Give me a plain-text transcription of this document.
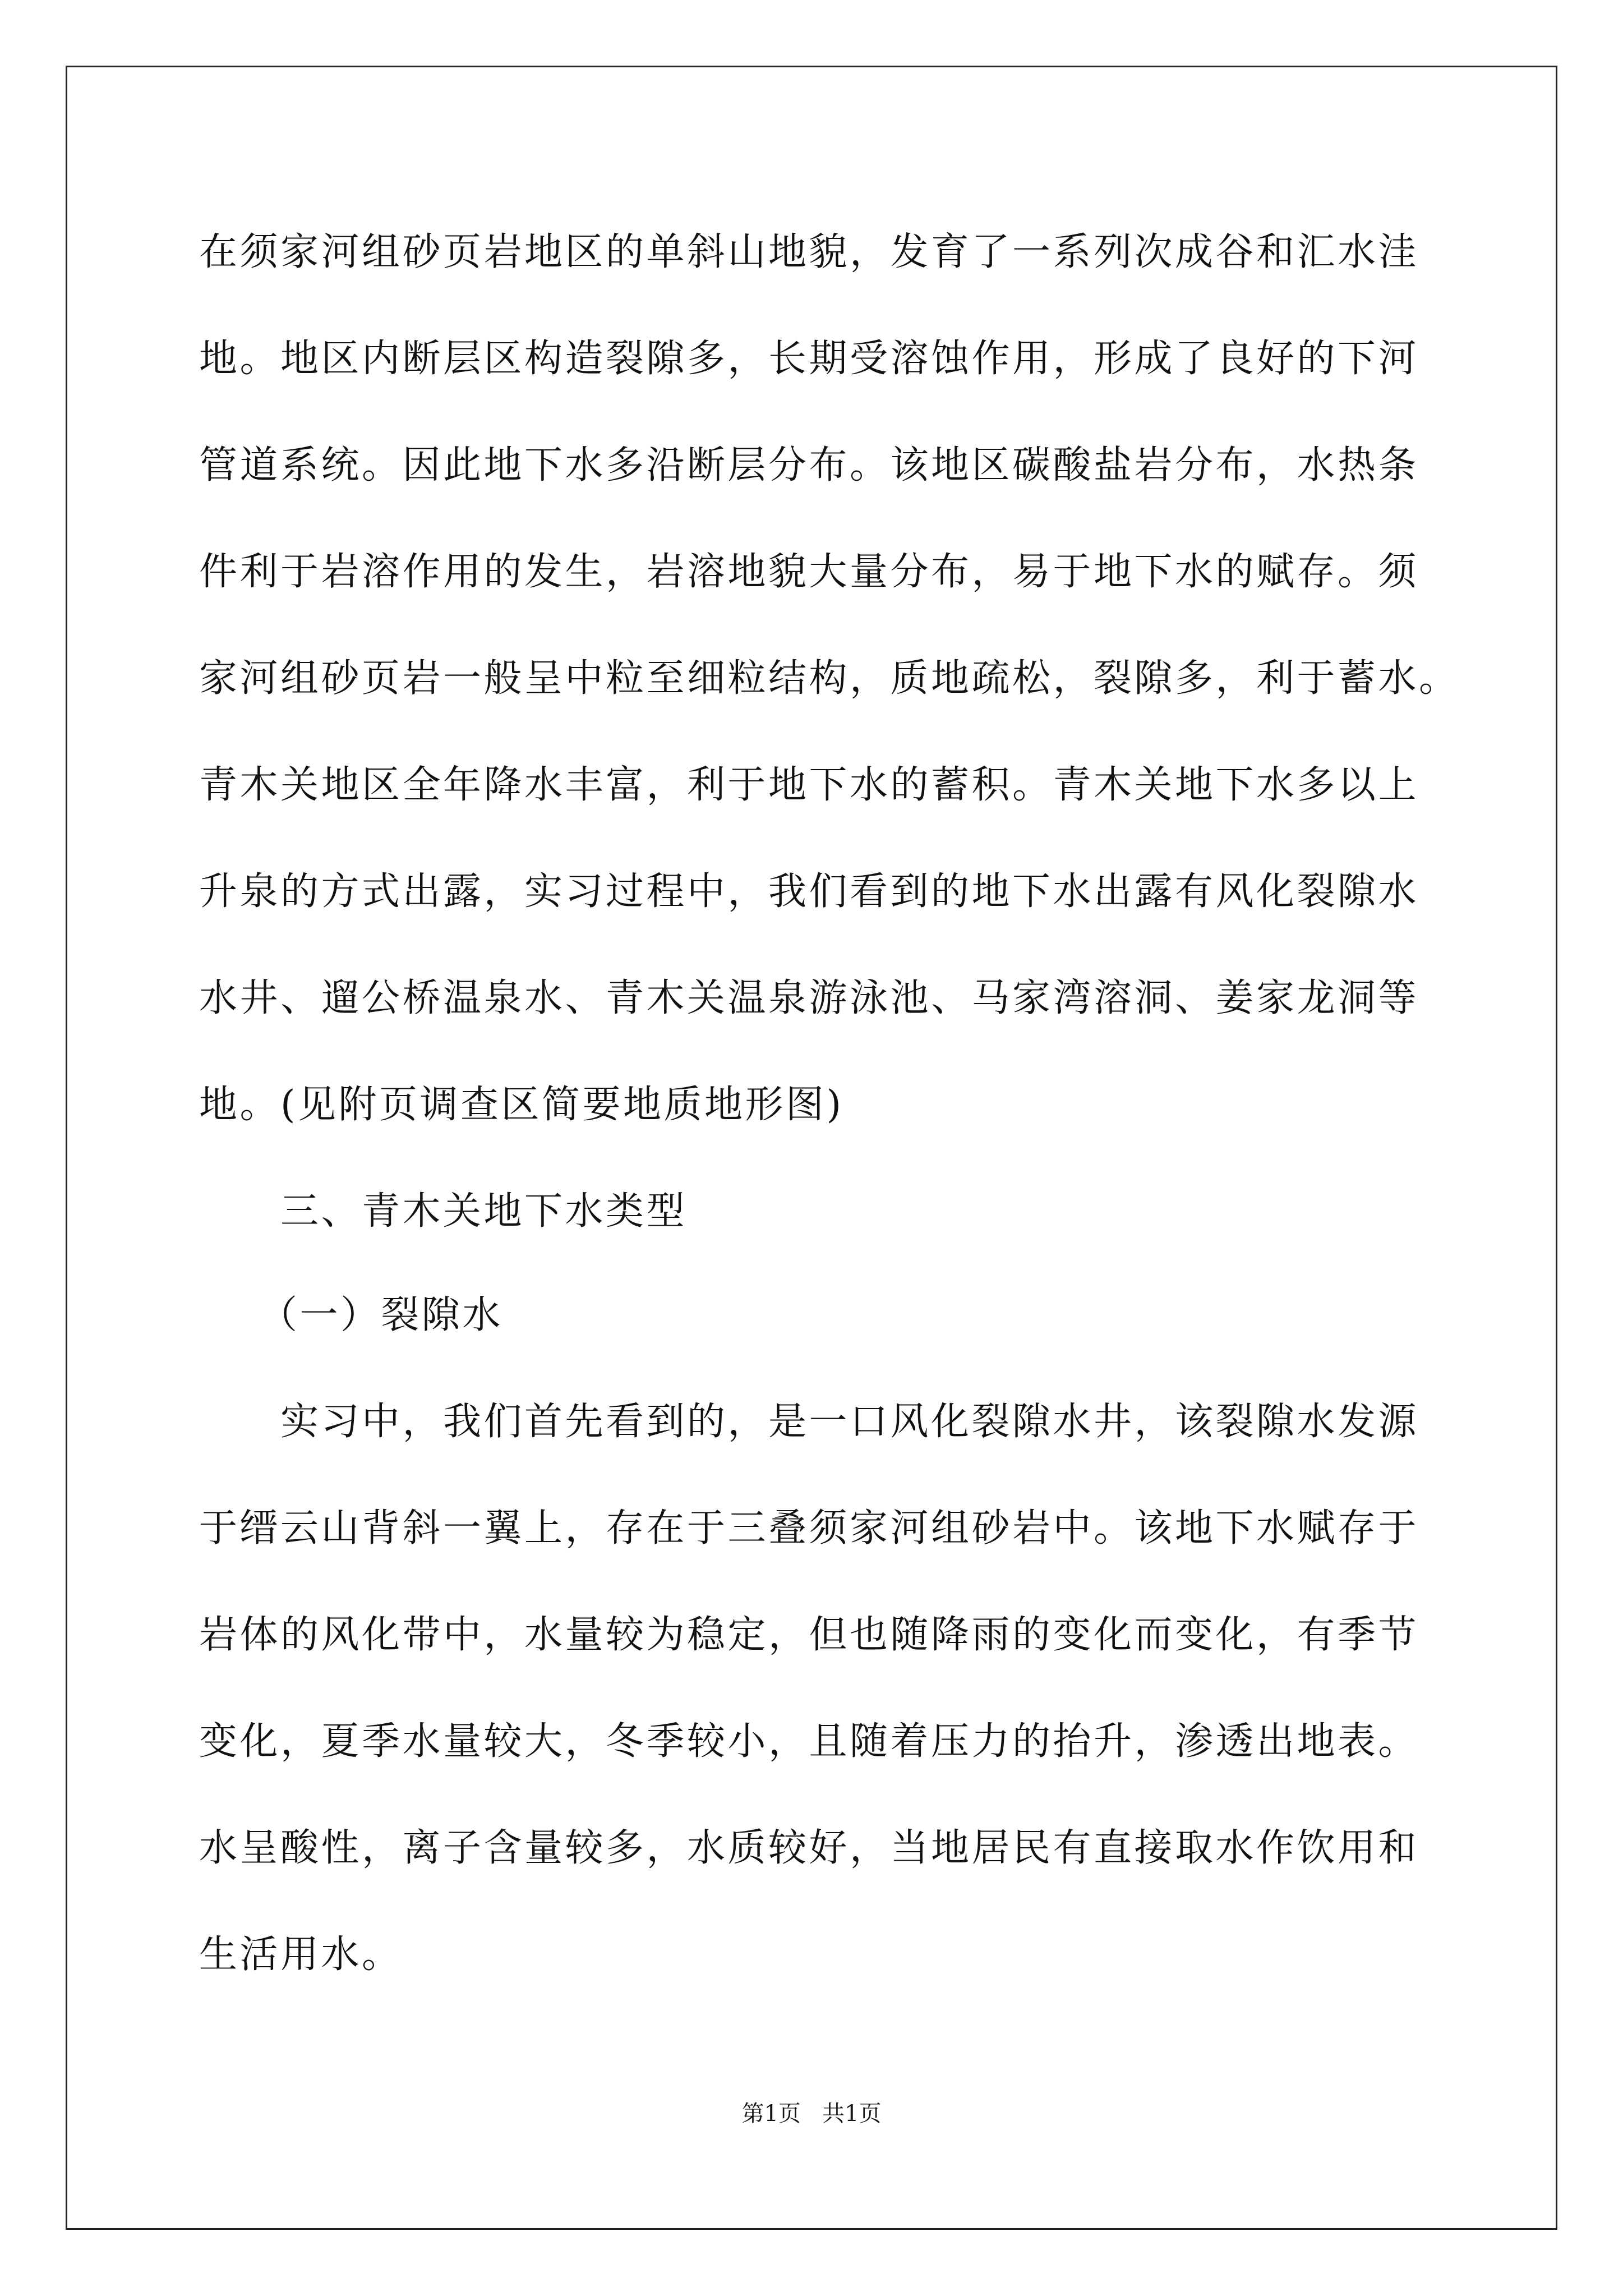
在须家河组砂页岩地区的单斜山地貌，发育了一系列次成谷和汇水洼
地。地区内断层区构造裂隙多，长期受溶蚀作用，形成了良好的下河
管道系统。因此地下水多沿断层分布。该地区碳酸盐岩分布，水热条
件利于岩溶作用的发生，岩溶地貌大量分布，易于地下水的赋存。须
家河组砂页岩一般呈中粒至细粒结构，质地疏松，裂隙多，利于蓄水。
青木关地区全年降水丰富，利于地下水的蓄积。青木关地下水多以上
升泉的方式出露，实习过程中，我们看到的地下水出露有风化裂隙水
水井、遛公桥温泉水、青木关温泉游泳池、马家湾溶洞、姜家龙洞等
地。(见附页调查区简要地质地形图)
三、青木关地下水类型
（一）裂隙水
实习中，我们首先看到的，是一口风化裂隙水井，该裂隙水发源
于缙云山背斜一翼上，存在于三叠须家河组砂岩中。该地下水赋存于
岩体的风化带中，水量较为稳定，但也随降雨的变化而变化，有季节
变化，夏季水量较大，冬季较小，且随着压力的抬升，渗透出地表。
水呈酸性，离子含量较多，水质较好，当地居民有直接取水作饮用和
生活用水。
第1页   共1页
